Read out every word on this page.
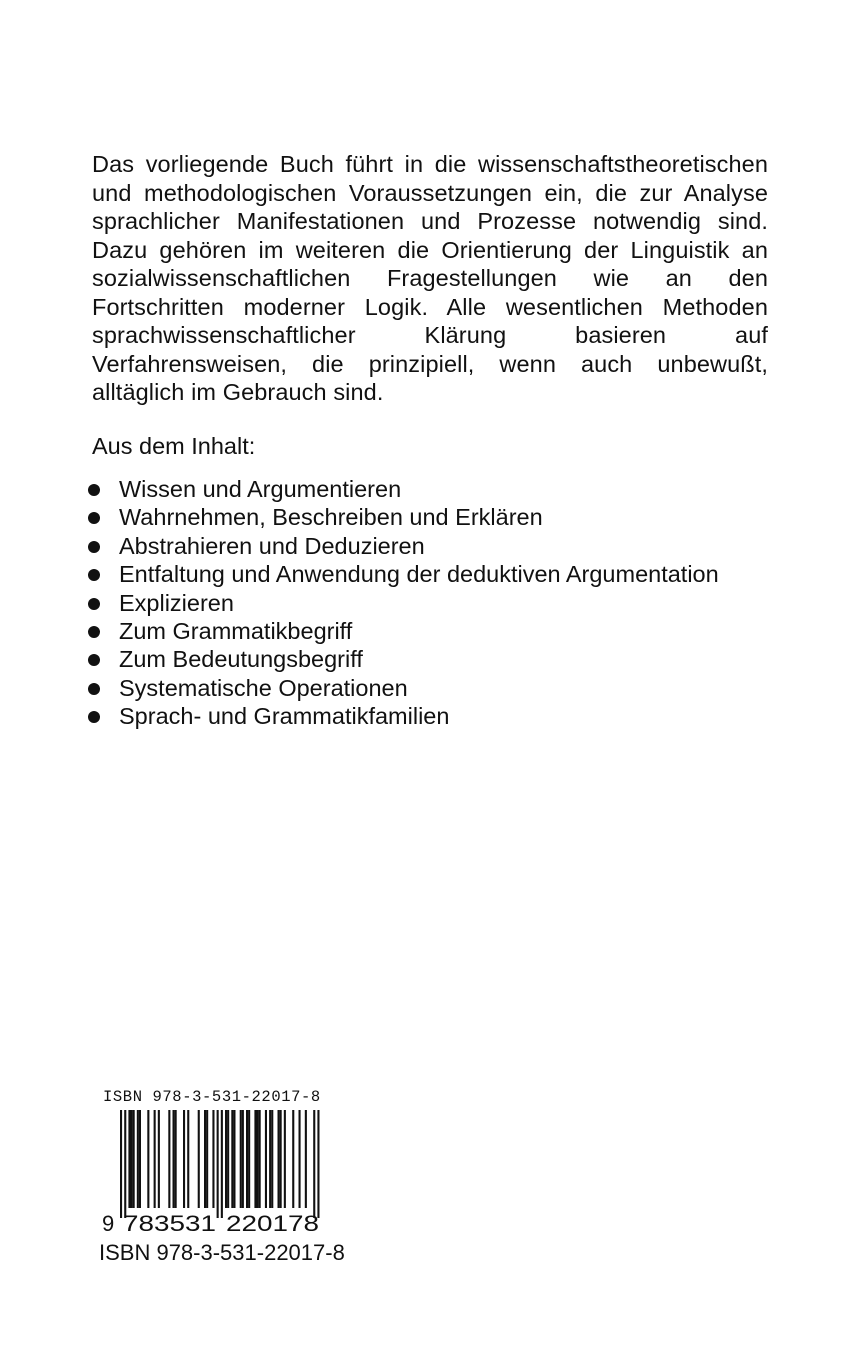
Das vorliegende Buch führt in die wissenschaftstheoretischen und methodologischen Voraussetzungen ein, die zur Analyse sprachlicher Manifestationen und Prozesse notwendig sind. Dazu gehören im weiteren die Orientierung der Linguistik an sozialwissenschaftlichen Fragestellungen wie an den Fortschritten moderner Logik. Alle wesentlichen Methoden sprachwissenschaftlicher Klärung basieren auf Verfahrensweisen, die prinzipiell, wenn auch unbewußt, alltäglich im Gebrauch sind.

Aus dem Inhalt:
Wissen und Argumentieren
Wahrnehmen, Beschreiben und Erklären
Abstrahieren und Deduzieren
Entfaltung und Anwendung der deduktiven Argumentation
Explizieren
Zum Grammatikbegriff
Zum Bedeutungsbegriff
Systematische Operationen
Sprach- und Grammatikfamilien

ISBN 978-3-531-22017-8

9 783531 220178

ISBN 978-3-531-22017-8
